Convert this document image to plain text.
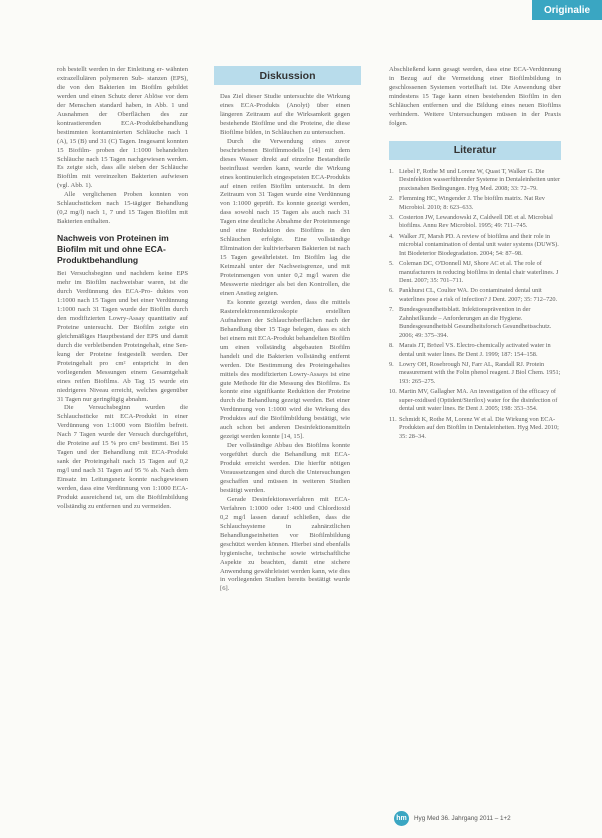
Originalie

roh bestellt werden in der Einleitung er- wähnten extrazellulären polymeren Sub- stanzen (EPS), die von den Bakterien im Biofilm gebildet werden und einen Schutz derer Ablöse vor dem der Menschen standard haben, in Abb. 1 und Ausnahmen der Oberflächen des zur kontrastierenden ECA-Produktbehandlung bestimmten kontaminierten Schläuche nach 1 (A), 15 (B) und 31 (C) Tagen. Insgesamt konnten 15 Biofilm- proben der 1:1000 behandelten Schläuche nach 15 Tagen nachgewiesen werden. Es zeigte sich, dass alle sieben der Schläuche Biofilm mit vereinzelten Bakterien aufwiesen (vgl. Abb. 1).

Alle verglichenen Proben konnten von Schlauchstücken nach 15-tägiger Behandlung (0,2 mg/l) nach 1, 7 und 15 Tagen Biofilm mit Bakterien enthalten.

Nachweis von Proteinen im Biofilm mit und ohne ECA-Produktbehandlung

Bei Versuchsbeginn und nachdem keine EPS mehr im Biofilm nachweisbar waren, ist die durch Verdünnung des ECA-Pro- duktes von 1:1000 nach 15 Tagen und bei einer Verdünnung 1:1000 nach 31 Tagen wurde der Biofilm durch den modifizierten Lowry-Assay quantitativ auf Proteine untersucht. Der Biofilm zeigte ein gleichmäßiges Hauptbestand der EPS und damit durch die verbleibenden Proteingehalt, eine Sen- kung der Proteine festgestellt werden. Der Proteingehalt pro cm² entspricht in den vorliegenden Messungen einem Gesamtgehalt eines reifen Biofilms. Ab Tag 15 wurde ein niedrigeres Niveau erreicht, welches gegenüber 31 Tagen nur geringfügig abnahm.

Die Versuchsbeginn wurden die Schlauchstücke mit ECA-Produkt in einer Verdünnung von 1:1000 vom Biofilm befreit. Nach 7 Tagen wurde der Versuch durchgeführt, die Proteine auf 15 % pro cm² bestimmt. Bei 15 Tagen und der Behandlung mit ECA-Produkt sank der Proteingehalt nach 15 Tagen auf 0,2 mg/l und nach 31 Tagen auf 95 % ab. Nach dem Einsatz im Leitungsnetz konnte nachgewiesen werden, dass eine Verdünnung von 1:1000 ECA-Produkt ausreichend ist, um die Biofilmbildung vollständig zu entfernen und zu vermeiden.

Diskussion

Das Ziel dieser Studie untersuchte die Wirkung eines ECA-Produkts (Anolyt) über einen längeren Zeitraum auf die Wirksamkeit gegen bestehende Biofilme und die Proteine, die diese Biofilme bilden, in Schläuchen zu untersuchen.

Durch die Verwendung eines zuvor beschriebenen Biofilmmodells [14] mit dem dieses Wasser direkt auf einzelne Bestandteile beeinflusst werden kann, wurde die Wirkung eines kontinuierlich eingespeisten ECA-Produkts auf einen reifen Biofilm untersucht. In dem Zeitraum von 31 Tagen wurde eine Verdünnung von 1:1000 geprüft. Es konnte gezeigt werden, dass sowohl nach 15 Tagen als auch nach 31 Tagen eine deutliche Abnahme der Proteinmenge und eine Reduktion des Biofilms in den Schläuchen erfolgte. Eine vollständige Elimination der kultivierbaren Bakterien ist nach 15 Tagen gewährleistet. Im Biofilm lag die Keimzahl unter der Nachweisgrenze, und mit Proteinmengen von unter 0,2 mg/l waren die Messwerte niedriger als bei den Kontrollen, die einen Anstieg zeigten.

Es konnte gezeigt werden, dass die mittels Rasterelektronenmikroskopie erstellten Aufnahmen der Schlauchoberflächen nach der Behandlung über 15 Tage belegen, dass es sich bei einem mit ECA-Produkt behandelten Biofilm um einen vollständig abgebauten Biofilm handelt und die Bakterien vollständig entfernt werden. Die Bestimmung des Proteingehaltes mittels des modifizierten Lowry-Assays ist eine gute Methode für die Messung des Biofilms. Es konnte eine signifikante Reduktion der Proteine durch die Behandlung gezeigt werden. Bei einer Verdünnung von 1:1000 wird die Wirkung des Produktes auf die Biofilmbildung bestätigt, wie auch schon bei anderen Desinfektionsmitteln gezeigt werden konnte [14, 15].

Der vollständige Abbau des Biofilms konnte vorgeführt durch die Behandlung mit ECA-Produkt erreicht werden. Die hierfür nötigen Voraussetzungen sind durch die Untersuchungen geschaffen und müssen in weiteren Studien bestätigt werden.

Gerade Desinfektionsverfahren mit ECA-Verfahren 1:1000 oder 1:400 und Chlordioxid 0,2 mg/l lassen darauf schließen, dass die Schlauchsysteme in zahnärztlichen Behandlungseinheiten vor Biofilmbildung geschützt werden können. Hierbei sind ebenfalls hygienische, technische sowie wirtschaftliche Aspekte zu beachten, damit eine sichere Anwendung gewährleistet werden kann, wie dies in vorliegenden Studien bereits bestätigt wurde [6].

Abschließend kann gesagt werden, dass eine ECA-Verdünnung in Bezug auf die Vermeidung einer Biofilmbildung in geschlossenen Systemen vorteilhaft ist. Die Anwendung über mindestens 15 Tage kann einen bestehenden Biofilm in den Schläuchen entfernen und die Bildung eines neuen Biofilms verhindern. Weitere Untersuchungen müssen in der Praxis folgen.

Literatur
1. Liebel F, Rothe M und Lorenz W, Quast T, Walker G. Die Desinfektion wasserführender Systeme in Dentaleinheiten unter praxisnahen Bedingungen. Hyg Med. 2008; 33: 72–79.
2. Flemming HC, Wingender J. The biofilm matrix. Nat Rev Microbiol. 2010; 8: 623–633.
3. Costerton JW, Lewandowski Z, Caldwell DE et al. Microbial biofilms. Annu Rev Microbiol. 1995; 49: 711–745.
4. Walker JT, Marsh PD. A review of biofilms and their role in microbial contamination of dental unit water systems (DUWS). Int Biodeterior Biodegradation. 2004; 54: 87–98.
5. Coleman DC, O'Donnell MJ, Shore AC et al. The role of manufacturers in reducing biofilms in dental chair waterlines. J Dent. 2007; 35: 701–711.
6. Pankhurst CL, Coulter WA. Do contaminated dental unit waterlines pose a risk of infection? J Dent. 2007; 35: 712–720.
7. Bundesgesundheitsblatt. Infektionsprävention in der Zahnheilkunde – Anforderungen an die Hygiene. Bundesgesundheitsbl Gesundheitsforsch Gesundheitsschutz. 2006; 49: 375–394.
8. Marais JT, Brözel VS. Electro-chemically activated water in dental unit water lines. Br Dent J. 1999; 187: 154–158.
9. Lowry OH, Rosebrough NJ, Farr AL, Randall RJ. Protein measurement with the Folin phenol reagent. J Biol Chem. 1951; 193: 265–275.
10. Martin MV, Gallagher MA. An investigation of the efficacy of super-oxidised (Optident/Sterilox) water for the disinfection of dental unit water lines. Br Dent J. 2005; 198: 353–354.
11. Schmidt K, Rothe M, Lorenz W et al. Die Wirkung von ECA-Produkten auf den Biofilm in Dentaleinheiten. Hyg Med. 2010; 35: 28–34.
hm	Hyg Med 36. Jahrgang 2011 – 1+2
